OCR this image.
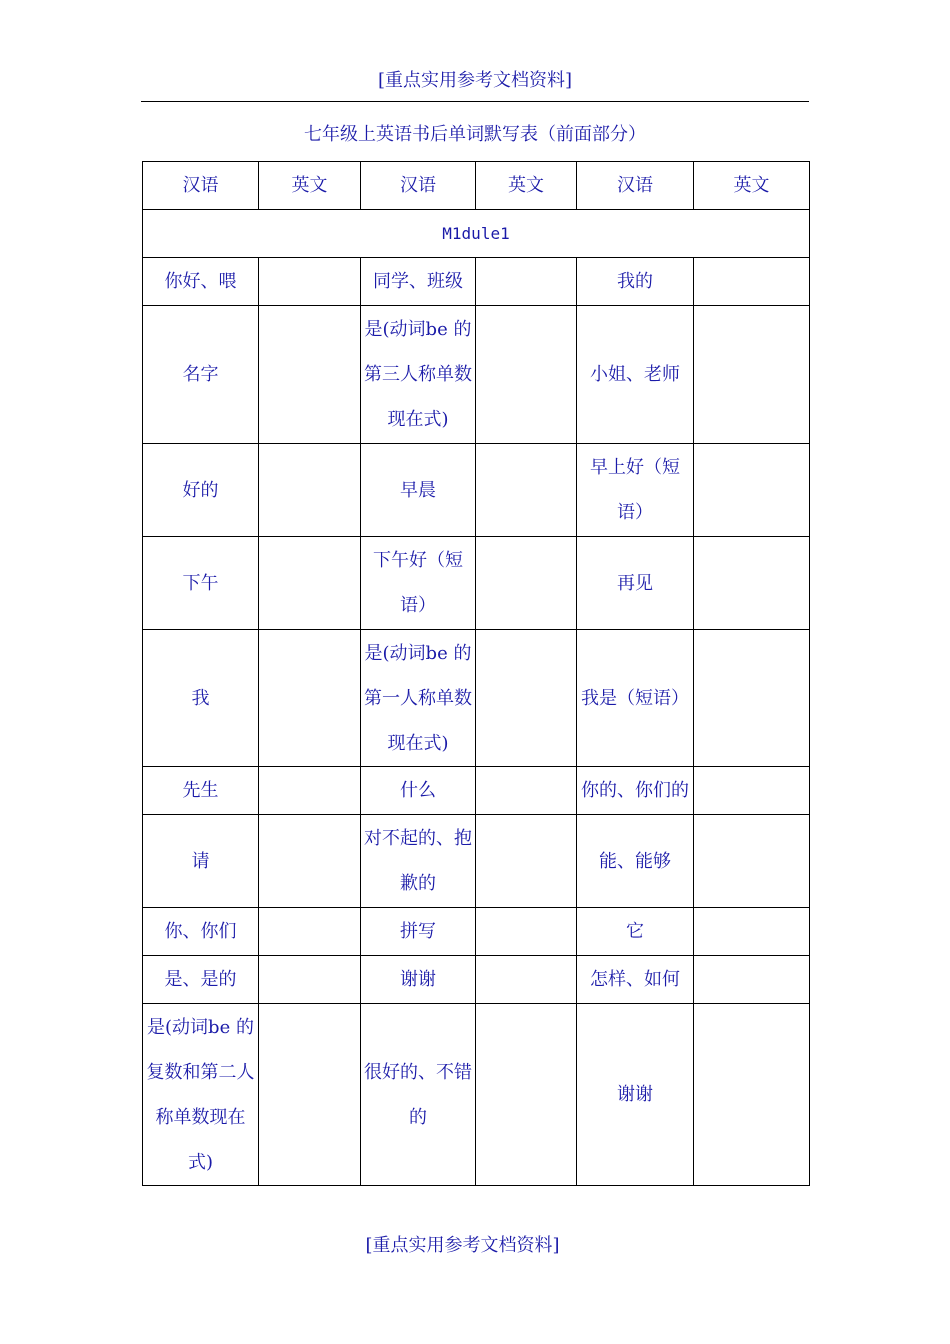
[重点实用参考文档资料]
七年级上英语书后单词默写表（前面部分）
汉语	英文	汉语	英文	汉语	英文
M1dule1					
你好、喂		同学、班级		我的	
名字		是(动词be 的第三人称单数现在式)		小姐、老师	
好的		早晨		早上好（短语）	
下午		下午好（短语）		再见	
我		是(动词be 的第一人称单数现在式)		我是（短语）	
先生		什么		你的、你们的	
请		对不起的、抱歉的		能、能够	
你、你们		拼写		它	
是、是的		谢谢		怎样、如何	
是(动词be 的复数和第二人称单数现在式)		很好的、不错的		谢谢	
[重点实用参考文档资料]
